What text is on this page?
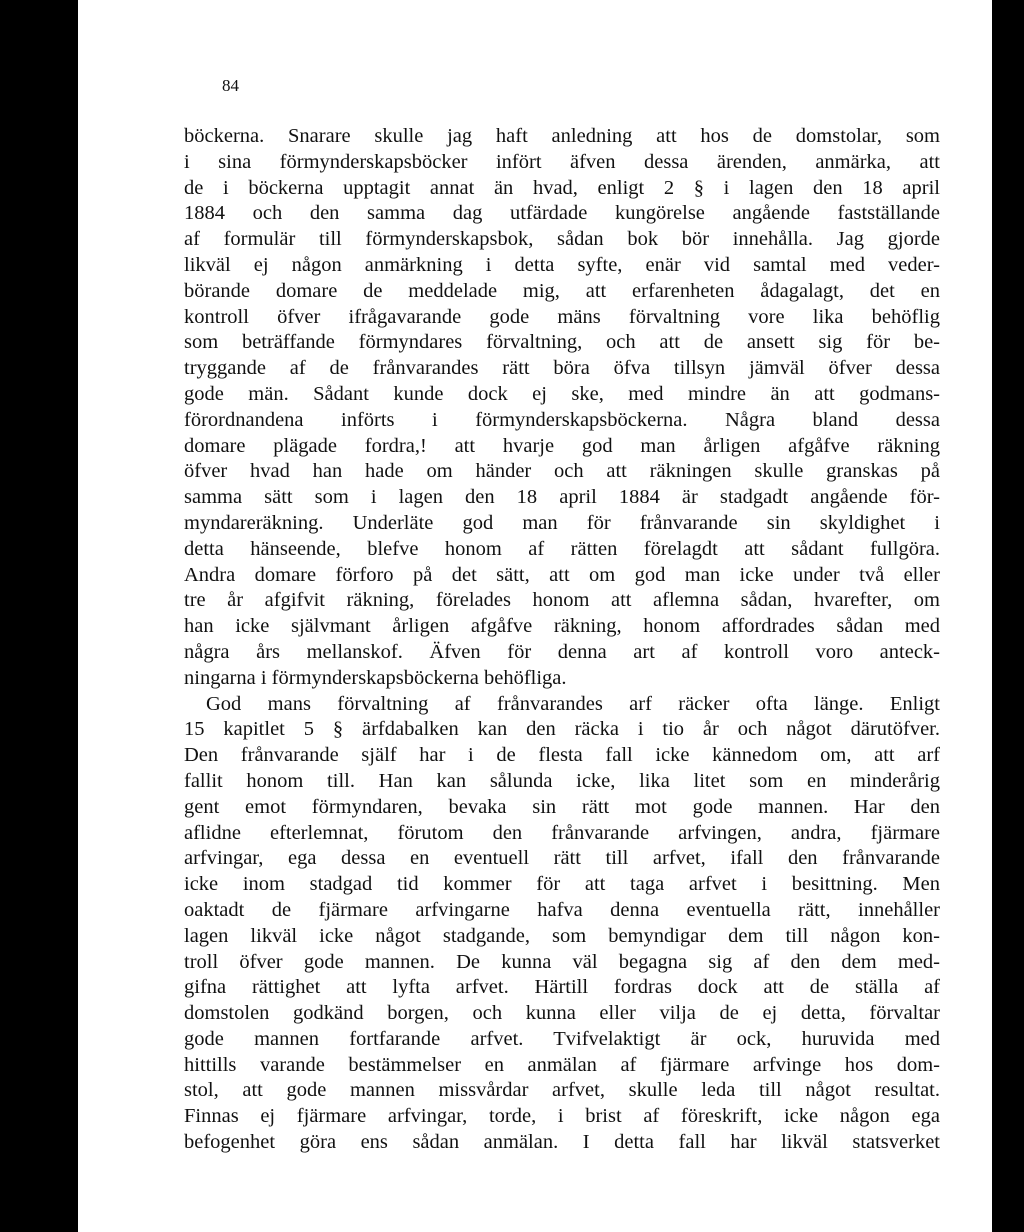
84

böckerna. Snarare skulle jag haft anledning att hos de domstolar, som
i sina förmynderskapsböcker infört äfven dessa ärenden, anmärka, att
de i böckerna upptagit annat än hvad, enligt 2 § i lagen den 18 april
1884 och den samma dag utfärdade kungörelse angående fastställande
af formulär till förmynderskapsbok, sådan bok bör innehålla. Jag gjorde
likväl ej någon anmärkning i detta syfte, enär vid samtal med veder-
börande domare de meddelade mig, att erfarenheten ådagalagt, det en
kontroll öfver ifrågavarande gode mäns förvaltning vore lika behöflig
som beträffande förmyndares förvaltning, och att de ansett sig för be-
tryggande af de frånvarandes rätt böra öfva tillsyn jämväl öfver dessa
gode män. Sådant kunde dock ej ske, med mindre än att godmans-
förordnandena införts i förmynderskapsböckerna. Några bland dessa
domare plägade fordra,! att hvarje god man årligen afgåfve räkning
öfver hvad han hade om händer och att räkningen skulle granskas på
samma sätt som i lagen den 18 april 1884 är stadgadt angående för-
myndareräkning. Underläte god man för frånvarande sin skyldighet i
detta hänseende, blefve honom af rätten förelagdt att sådant fullgöra.
Andra domare förforo på det sätt, att om god man icke under två eller
tre år afgifvit räkning, förelades honom att aflemna sådan, hvarefter, om
han icke självmant årligen afgåfve räkning, honom affordrades sådan med
några års mellanskof. Äfven för denna art af kontroll voro anteck-
ningarna i förmynderskapsböckerna behöfliga.
God mans förvaltning af frånvarandes arf räcker ofta länge. Enligt
15 kapitlet 5 § ärfdabalken kan den räcka i tio år och något därutöfver.
Den frånvarande själf har i de flesta fall icke kännedom om, att arf
fallit honom till. Han kan sålunda icke, lika litet som en minderårig
gent emot förmyndaren, bevaka sin rätt mot gode mannen. Har den
aflidne efterlemnat, förutom den frånvarande arfvingen, andra, fjärmare
arfvingar, ega dessa en eventuell rätt till arfvet, ifall den frånvarande
icke inom stadgad tid kommer för att taga arfvet i besittning. Men
oaktadt de fjärmare arfvingarne hafva denna eventuella rätt, innehåller
lagen likväl icke något stadgande, som bemyndigar dem till någon kon-
troll öfver gode mannen. De kunna väl begagna sig af den dem med-
gifna rättighet att lyfta arfvet. Härtill fordras dock att de ställa af
domstolen godkänd borgen, och kunna eller vilja de ej detta, förvaltar
gode mannen fortfarande arfvet. Tvifvelaktigt är ock, huruvida med
hittills varande bestämmelser en anmälan af fjärmare arfvinge hos dom-
stol, att gode mannen missvårdar arfvet, skulle leda till något resultat.
Finnas ej fjärmare arfvingar, torde, i brist af föreskrift, icke någon ega
befogenhet göra ens sådan anmälan. I detta fall har likväl statsverket
